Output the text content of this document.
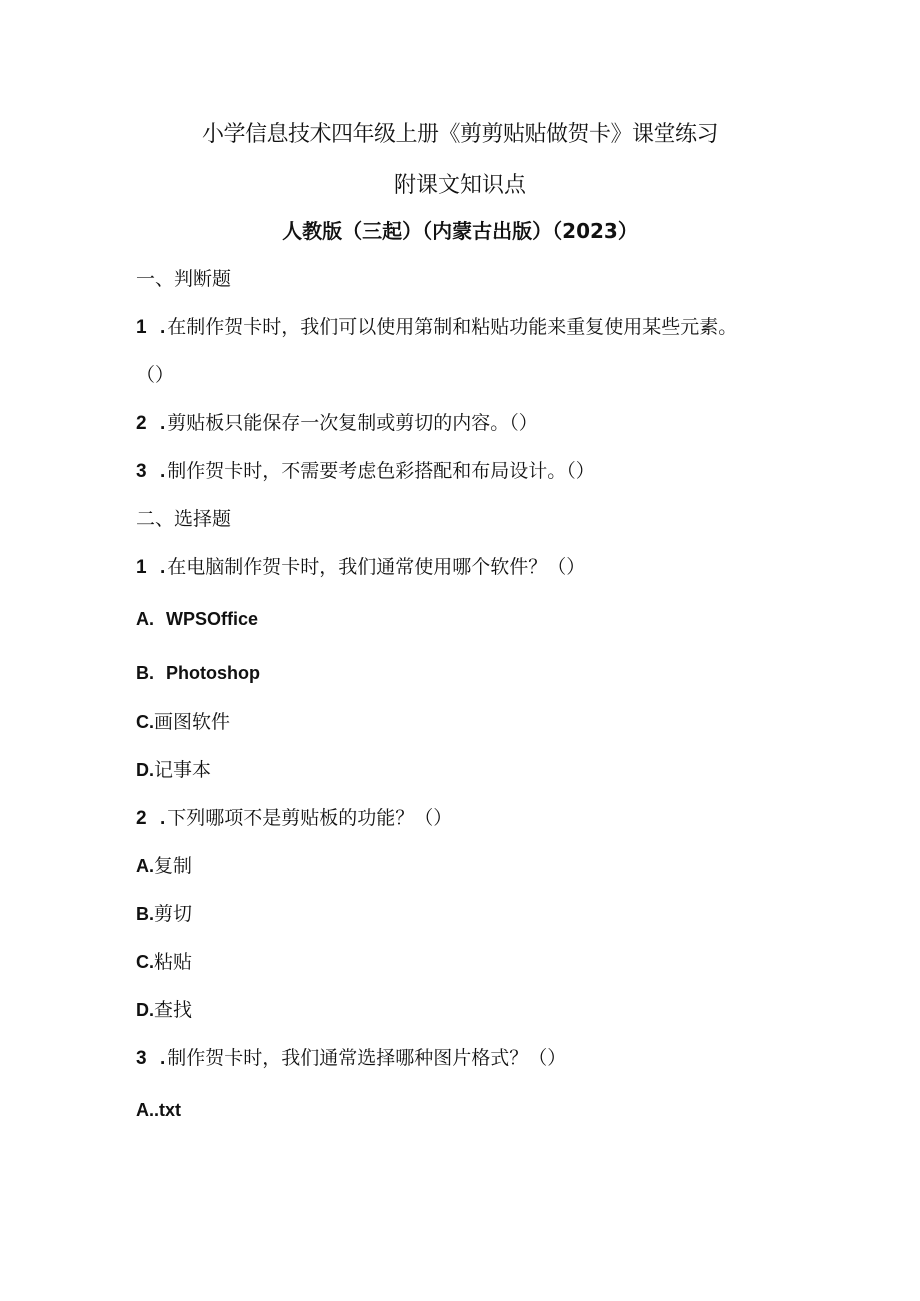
小学信息技术四年级上册《剪剪贴贴做贺卡》课堂练习
附课文知识点
人教版（三起）（内蒙古出版）（2023）
一、判断题
1 . 在制作贺卡时，我们可以使用第制和粘贴功能来重复使用某些元素。
（）
2 . 剪贴板只能保存一次复制或剪切的内容。（）
3 . 制作贺卡时，不需要考虑色彩搭配和布局设计。（）
二、选择题
1 . 在电脑制作贺卡时，我们通常使用哪个软件？（）
A. WPSOffice
B. Photoshop
C.画图软件
D.记事本
2 . 下列哪项不是剪贴板的功能？（）
A.复制
B.剪切
C.粘贴
D.查找
3 . 制作贺卡时，我们通常选择哪种图片格式？（）
A..txt
